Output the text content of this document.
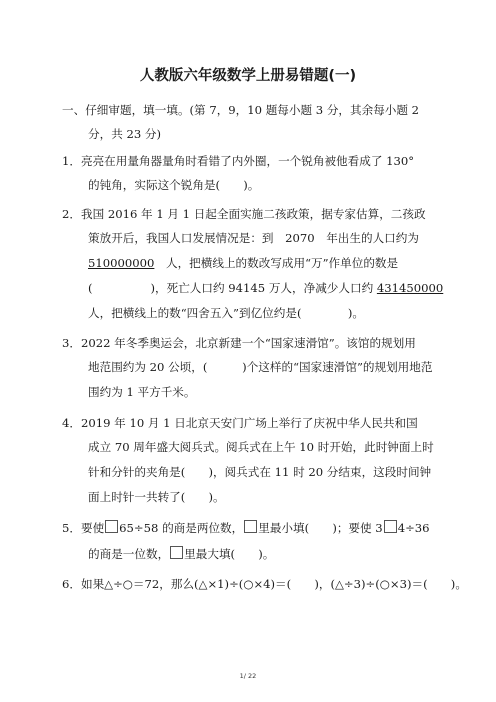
人教版六年级数学上册易错题(一)
一、仔细审题，填一填。(第 7，9，10 题每小题 3 分，其余每小题 2
分，共 23 分)
1．亮亮在用量角器量角时看错了内外圈，一个锐角被他看成了 130°
的钝角，实际这个锐角是(　　)。
2．我国 2016 年 1 月 1 日起全面实施二孩政策，据专家估算，二孩政
策放开后，我国人口发展情况是：到　2070　年出生的人口约为
510000000　人，把横线上的数改写成用“万”作单位的数是
(　　　　　)，死亡人口约 94145 万人，净减少人口约 431450000
人，把横线上的数“四舍五入”到亿位约是(　　　　)。
3．2022 年冬季奥运会，北京新建一个“国家速滑馆”。该馆的规划用
地范围约为 20 公顷，(　　　)个这样的“国家速滑馆”的规划用地范
围约为 1 平方千米。
4．2019 年 10 月 1 日北京天安门广场上举行了庆祝中华人民共和国
成立 70 周年盛大阅兵式。阅兵式在上午 10 时开始，此时钟面上时
针和分针的夹角是(　　)，阅兵式在 11 时 20 分结束，这段时间钟
面上时针一共转了(　　)。
5．要使 65÷58 的商是两位数， 里最小填(　　)；要使 3 4÷36
的商是一位数， 里最大填(　　)。
6．如果△÷○＝72，那么(△×1)÷(○×4)＝(　　)，(△÷3)÷(○×3)＝(　　)。
1/ 22
